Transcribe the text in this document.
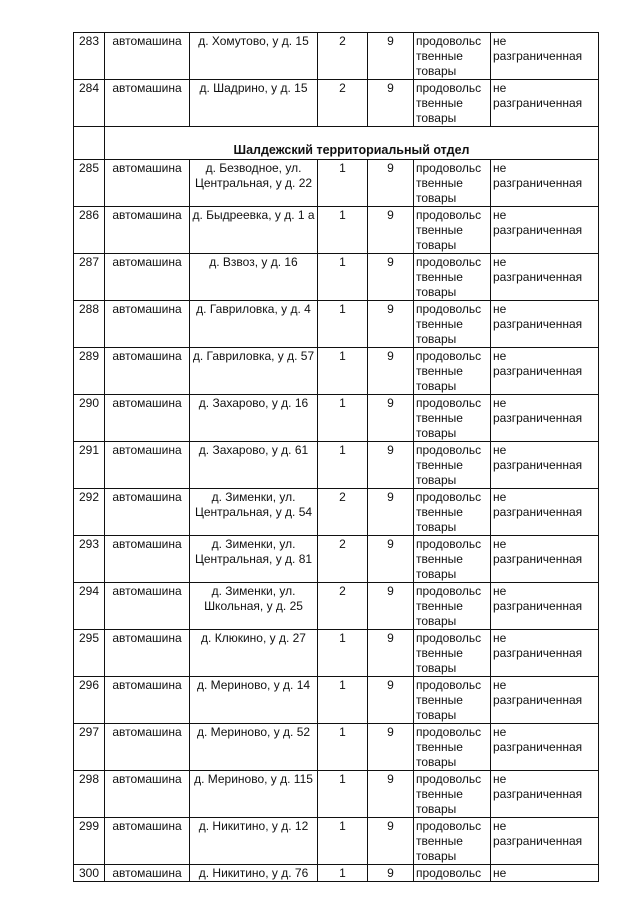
283	автомашина	д. Хомутово, у д. 15	2	9	продовольс
твенные
товары	не
разграниченная

284	автомашина	д. Шадрино, у д. 15	2	9	продовольс
твенные
товары	не
разграниченная

	Шалдежский территориальный отдел					
285	автомашина	д. Безводное, ул. Центральная, у д. 22	1	9	продовольс
твенные
товары	не
разграниченная

286	автомашина	д. Быдреевка, у д. 1 а	1	9	продовольс
твенные
товары	не
разграниченная

287	автомашина	д. Взвоз, у д. 16	1	9	продовольс
твенные
товары	не
разграниченная

288	автомашина	д. Гавриловка, у д. 4	1	9	продовольс
твенные
товары	не
разграниченная

289	автомашина	д. Гавриловка, у д. 57	1	9	продовольс
твенные
товары	не
разграниченная

290	автомашина	д. Захарово, у д. 16	1	9	продовольс
твенные
товары	не
разграниченная

291	автомашина	д. Захарово, у д. 61	1	9	продовольс
твенные
товары	не
разграниченная

292	автомашина	д. Зименки, ул. Центральная, у д. 54	2	9	продовольс
твенные
товары	не
разграниченная

293	автомашина	д. Зименки, ул. Центральная, у д. 81	2	9	продовольс
твенные
товары	не
разграниченная

294	автомашина	д. Зименки, ул. Школьная, у д. 25	2	9	продовольс
твенные
товары	не
разграниченная

295	автомашина	д. Клюкино, у д. 27	1	9	продовольс
твенные
товары	не
разграниченная

296	автомашина	д. Мериново, у д. 14	1	9	продовольс
твенные
товары	не
разграниченная

297	автомашина	д. Мериново, у д. 52	1	9	продовольс
твенные
товары	не
разграниченная

298	автомашина	д. Мериново, у д. 115	1	9	продовольс
твенные
товары	не
разграниченная

299	автомашина	д. Никитино, у д. 12	1	9	продовольс
твенные
товары	не
разграниченная

300	автомашина	д. Никитино, у д. 76	1	9	продовольс	не
